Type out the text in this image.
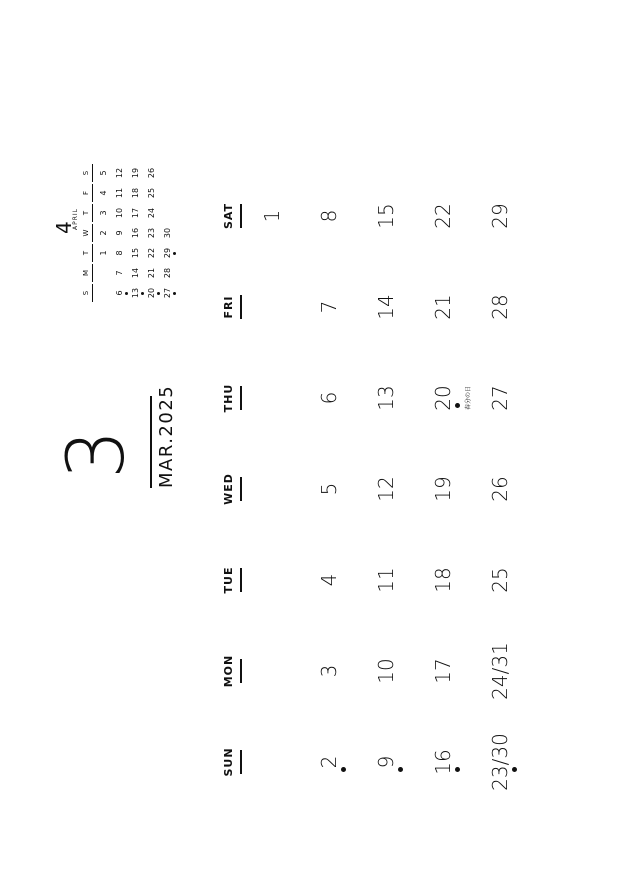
3 MAR.2025
4
APRIL
S
M
T
W
T
F
S
1
2
3
4
5
6
7
8
9
10
11
12
13
14
15
16
17
18
19
20
21
22
23
24
25
26
27
28
29
30
SUN
MON
TUE
WED
THU
FRI
SAT 1
2
3
4
5
6
7
8
9
10
11
12
13
14
15
16
17
18
19
20	春分の日
21
22
23/30
24/31
25
26
27
28
29
